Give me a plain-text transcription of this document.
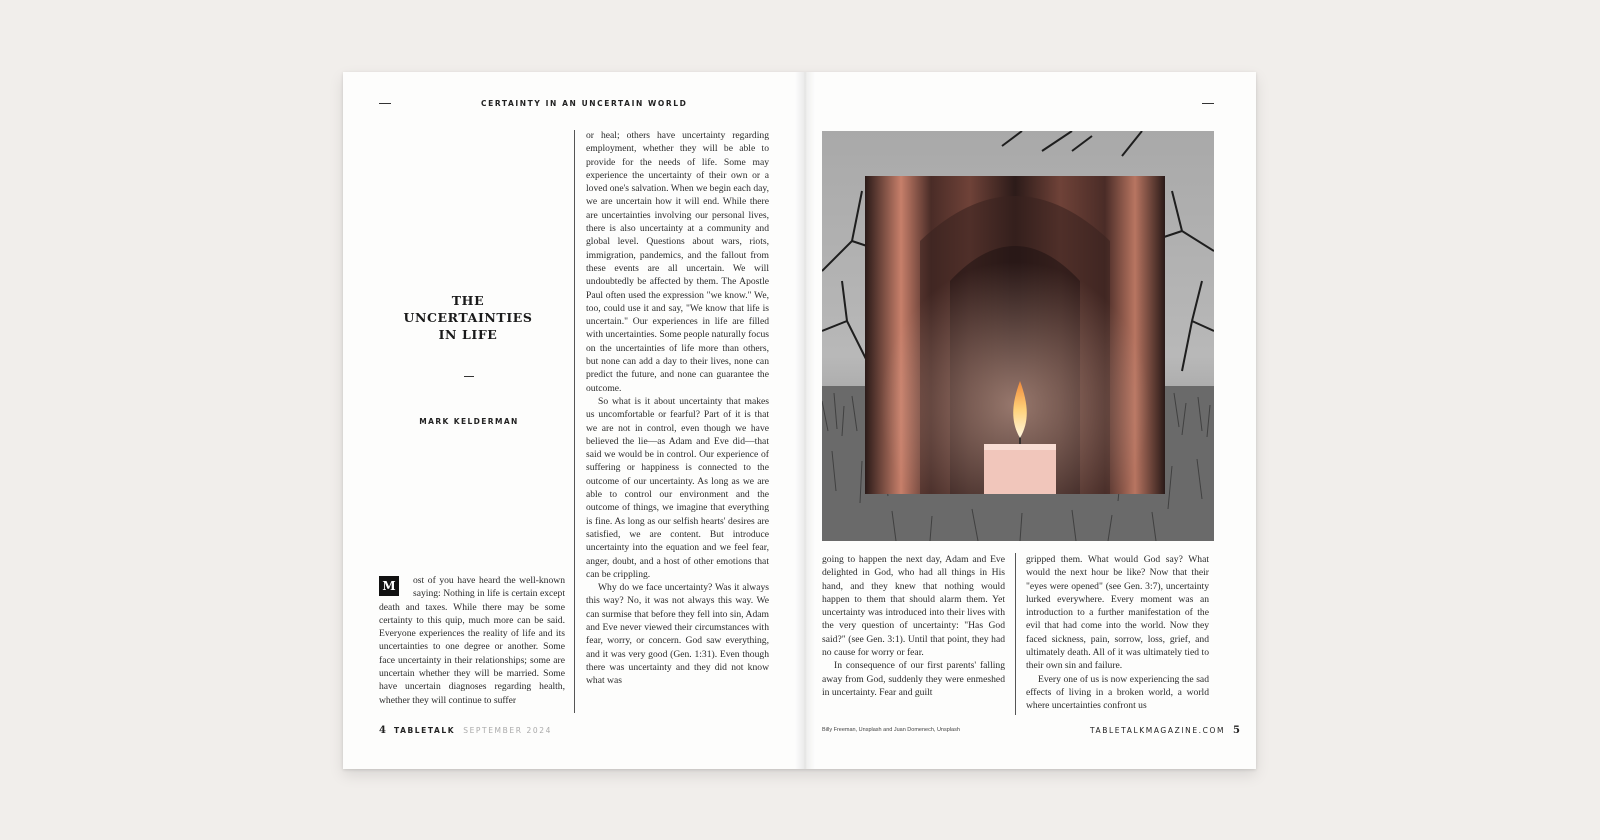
CERTAINTY IN AN UNCERTAIN WORLD
THE
UNCERTAINTIES
IN LIFE
MARK KELDERMAN
M	ost of you have heard the well-known saying: Nothing in life is certain except death and taxes. While there may be some certainty to this quip, much more can be said. Everyone experiences the reality of life and its uncertainties to one degree or another. Some face uncertainty in their relationships; some are uncertain whether they will be married. Some have uncertain diagnoses regarding health, whether they will continue to suffer

or heal; others have uncertainty regarding employment, whether they will be able to provide for the needs of life. Some may experience the uncertainty of their own or a loved one's salvation. When we begin each day, we are uncertain how it will end. While there are uncertainties involving our personal lives, there is also uncertainty at a community and global level. Questions about wars, riots, immigration, pandemics, and the fallout from these events are all uncertain. We will undoubtedly be affected by them. The Apostle Paul often used the expression "we know." We, too, could use it and say, "We know that life is uncertain." Our experiences in life are filled with uncertainties. Some people naturally focus on the uncertainties of life more than others, but none can add a day to their lives, none can predict the future, and none can guarantee the outcome.

So what is it about uncertainty that makes us uncomfortable or fearful? Part of it is that we are not in control, even though we have believed the lie—as Adam and Eve did—that said we would be in control. Our experience of suffering or happiness is connected to the outcome of our uncertainty. As long as we are able to control our environment and the outcome of things, we imagine that everything is fine. As long as our selfish hearts' desires are satisfied, we are content. But introduce uncertainty into the equation and we feel fear, anger, doubt, and a host of other emotions that can be crippling.

Why do we face uncertainty? Was it always this way? No, it was not always this way. We can surmise that before they fell into sin, Adam and Eve never viewed their circumstances with fear, worry, or concern. God saw everything, and it was very good (Gen. 1:31). Even though there was uncertainty and they did not know what was

4 TABLETALK SEPTEMBER 2024

going to happen the next day, Adam and Eve delighted in God, who had all things in His hand, and they knew that nothing would happen to them that should alarm them. Yet uncertainty was introduced into their lives with the very question of uncertainty: "Has God said?" (see Gen. 3:1). Until that point, they had no cause for worry or fear.

In consequence of our first parents' falling away from God, suddenly they were enmeshed in uncertainty. Fear and guilt

gripped them. What would God say? What would the next hour be like? Now that their "eyes were opened" (see Gen. 3:7), uncertainty lurked everywhere. Every moment was an introduction to a further manifestation of the evil that had come into the world. Now they faced sickness, pain, sorrow, loss, grief, and ultimately death. All of it was ultimately tied to their own sin and failure.

Every one of us is now experiencing the sad effects of living in a broken world, a world where uncertainties confront us

Billy Freeman, Unsplash and Juan Domenech, Unsplash	TABLETALKMAGAZINE.COM 5
